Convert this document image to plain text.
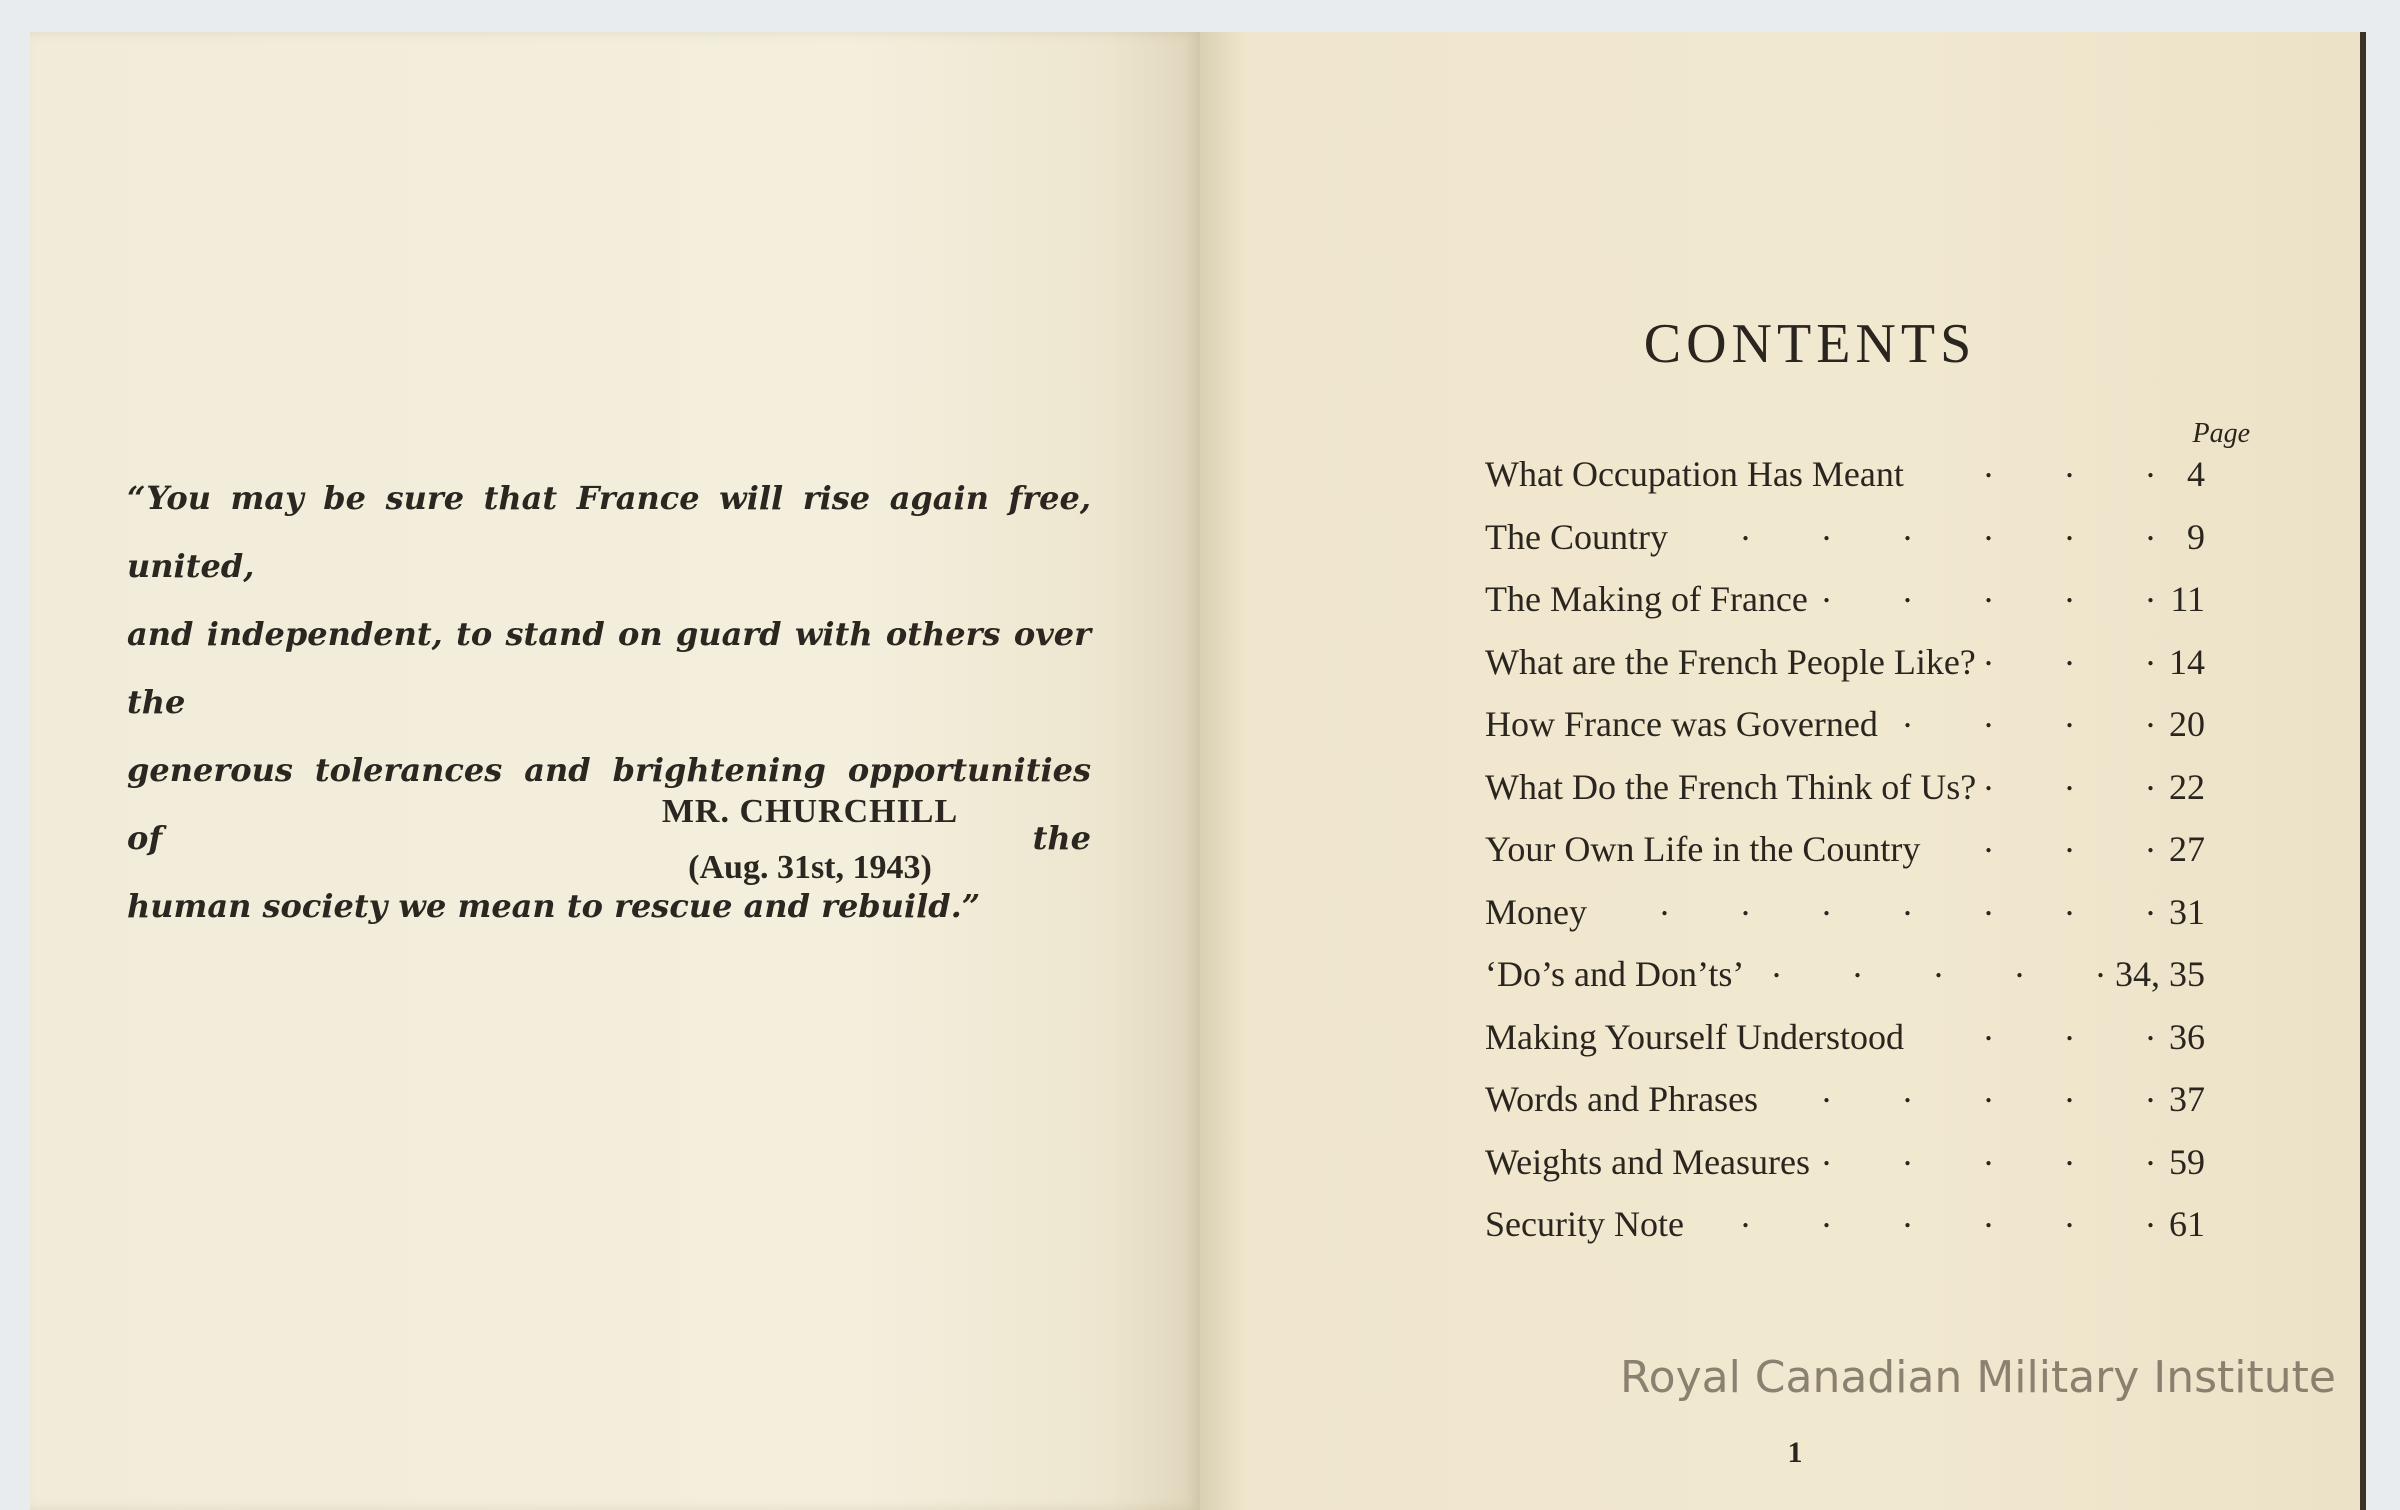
“You may be sure that France will rise again free, united,
and independent, to stand on guard with others over the
generous tolerances and brightening opportunities of the
human society we mean to rescue and rebuild.”
MR. CHURCHILL
(Aug. 31st, 1943)
CONTENTS
Page
What Occupation Has Meant .	4
The Country .	9
The Making of France .	11
What are the French People Like? .	14
How France was Governed .	20
What Do the French Think of Us? .	22
Your Own Life in the Country .	27
Money .	31
‘Do’s and Don’ts’ .	34, 35
Making Yourself Understood .	36
Words and Phrases .	37
Weights and Measures .	59
Security Note .	61
1
Royal Canadian Military Institute
